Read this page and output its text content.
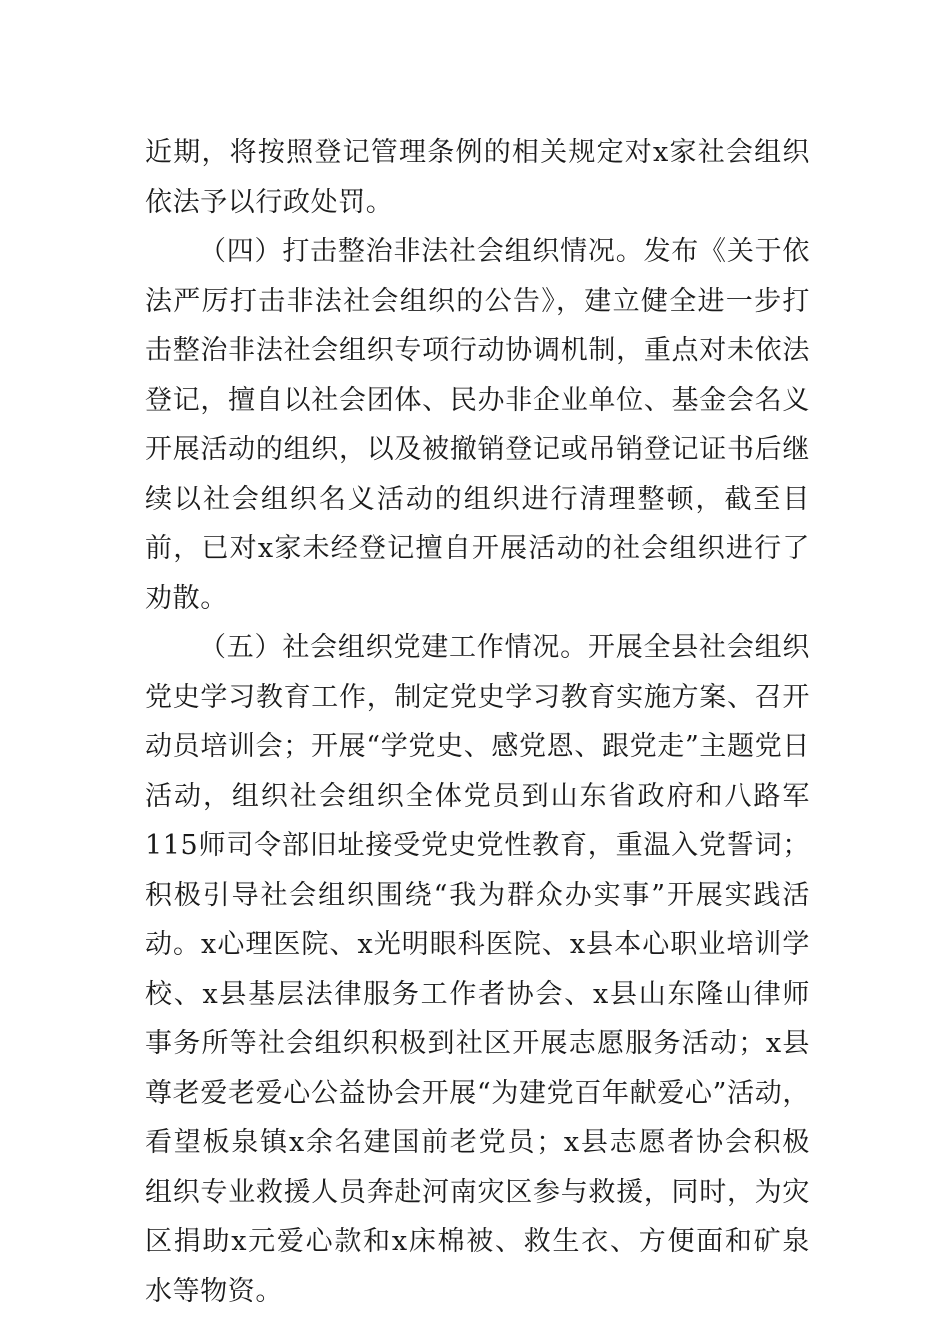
近期，将按照登记管理条例的相关规定对x家社会组织依法予以行政处罚。

（四）打击整治非法社会组织情况。发布《关于依法严厉打击非法社会组织的公告》，建立健全进一步打击整治非法社会组织专项行动协调机制，重点对未依法登记，擅自以社会团体、民办非企业单位、基金会名义开展活动的组织，以及被撤销登记或吊销登记证书后继续以社会组织名义活动的组织进行清理整顿，截至目前，已对x家未经登记擅自开展活动的社会组织进行了劝散。

（五）社会组织党建工作情况。开展全县社会组织党史学习教育工作，制定党史学习教育实施方案、召开动员培训会；开展“学党史、感党恩、跟党走”主题党日活动，组织社会组织全体党员到山东省政府和八路军115师司令部旧址接受党史党性教育，重温入党誓词；积极引导社会组织围绕“我为群众办实事”开展实践活动。x心理医院、x光明眼科医院、x县本心职业培训学校、x县基层法律服务工作者协会、x县山东隆山律师事务所等社会组织积极到社区开展志愿服务活动；x县尊老爱老爱心公益协会开展“为建党百年献爱心”活动，看望板泉镇x余名建国前老党员；x县志愿者协会积极组织专业救援人员奔赴河南灾区参与救援，同时，为灾区捐助x元爱心款和x床棉被、救生衣、方便面和矿泉水等物资。
